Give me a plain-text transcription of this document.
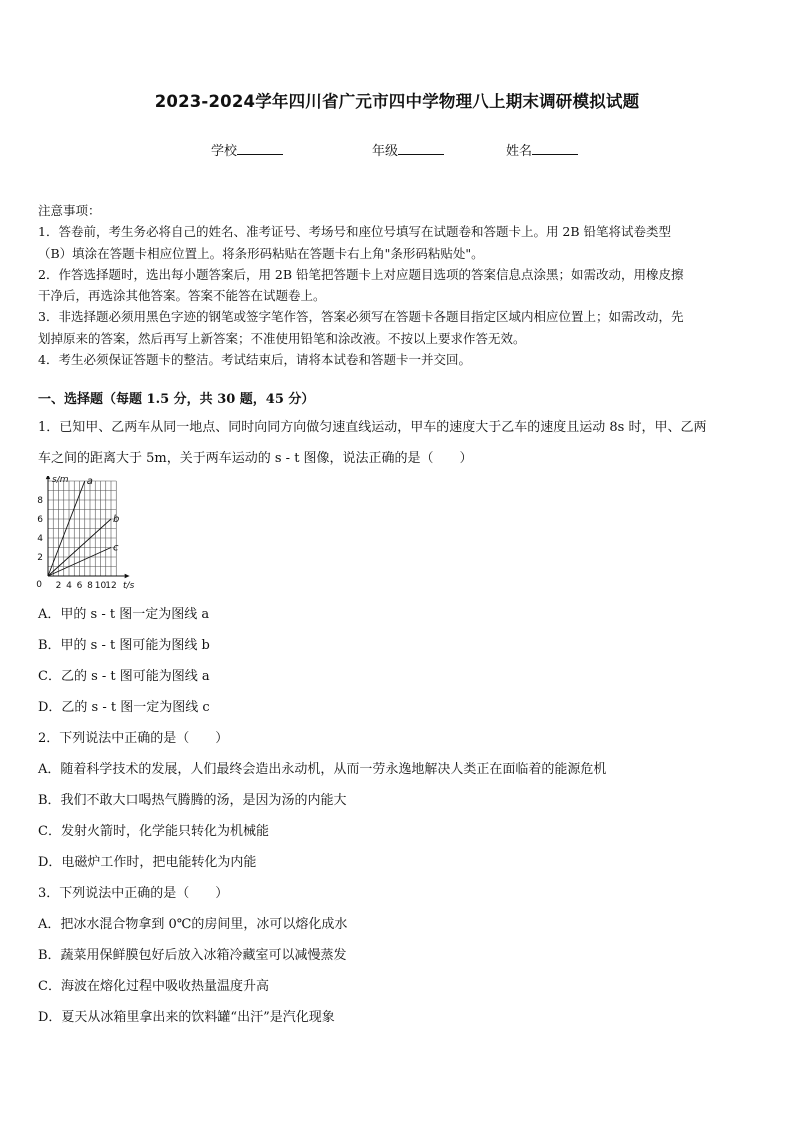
2023-2024学年四川省广元市四中学物理八上期末调研模拟试题
学校	年级	姓名
注意事项：
1．答卷前，考生务必将自己的姓名、准考证号、考场号和座位号填写在试题卷和答题卡上。用 2B 铅笔将试卷类型
（B）填涂在答题卡相应位置上。将条形码粘贴在答题卡右上角"条形码粘贴处"。
2．作答选择题时，选出每小题答案后，用 2B 铅笔把答题卡上对应题目选项的答案信息点涂黑；如需改动，用橡皮擦
干净后，再选涂其他答案。答案不能答在试题卷上。
3．非选择题必须用黑色字迹的钢笔或签字笔作答，答案必须写在答题卡各题目指定区域内相应位置上；如需改动，先
划掉原来的答案，然后再写上新答案；不准使用铅笔和涂改液。不按以上要求作答无效。
4．考生必须保证答题卡的整洁。考试结束后，请将本试卷和答题卡一并交回。
一、选择题（每题 1.5 分，共 30 题，45 分）
1．已知甲、乙两车从同一地点、同时向同方向做匀速直线运动，甲车的速度大于乙车的速度且运动 8s 时，甲、乙两
车之间的距离大于 5m，关于两车运动的 s - t 图像，说法正确的是（　　）
A．甲的 s - t 图一定为图线 a
B．甲的 s - t 图可能为图线 b
C．乙的 s - t 图可能为图线 a
D．乙的 s - t 图一定为图线 c
2．下列说法中正确的是（　　）
A．随着科学技术的发展，人们最终会造出永动机，从而一劳永逸地解决人类正在面临着的能源危机
B．我们不敢大口喝热气腾腾的汤，是因为汤的内能大
C．发射火箭时，化学能只转化为机械能
D．电磁炉工作时，把电能转化为内能
3．下列说法中正确的是（　　）
A．把冰水混合物拿到 0℃的房间里，冰可以熔化成水
B．蔬菜用保鲜膜包好后放入冰箱冷藏室可以减慢蒸发
C．海波在熔化过程中吸收热量温度升高
D．夏天从冰箱里拿出来的饮料罐“出汗”是汽化现象
a
b
c
2 4 6 8 10 12
2
4
6
8
0	t/s
s/m
